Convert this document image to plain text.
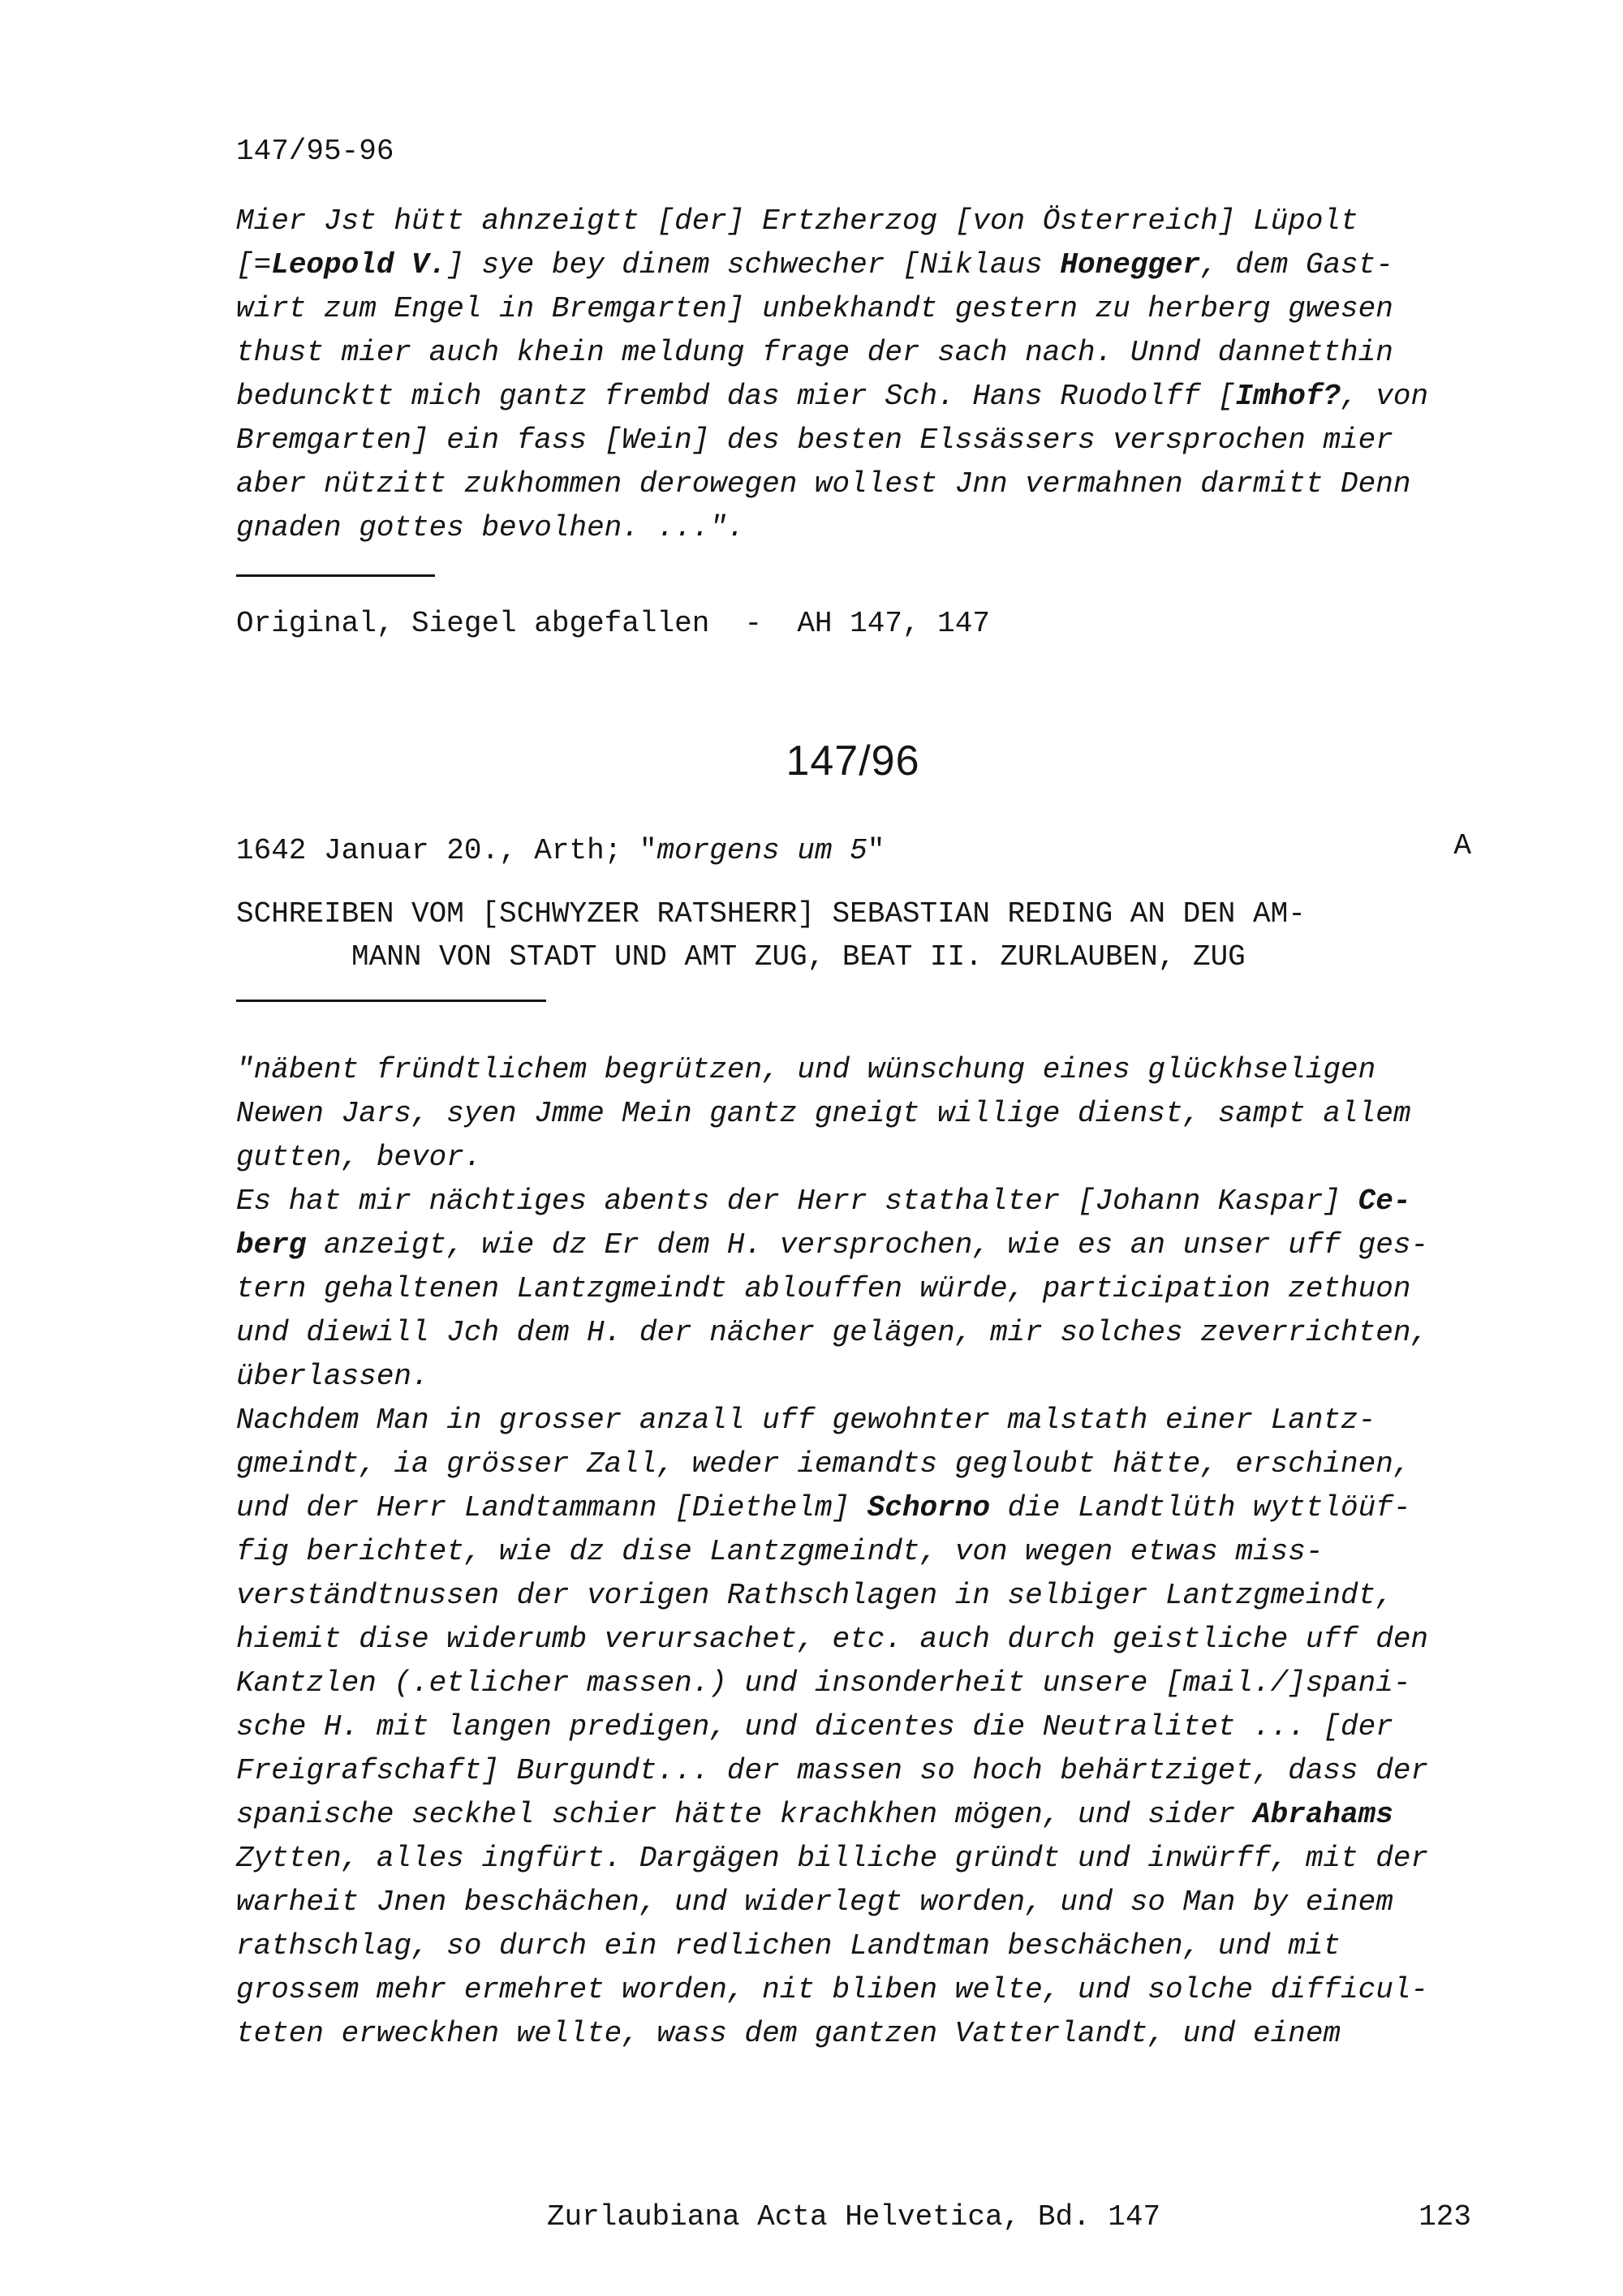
147/95-96
Mier Jst hütt ahnzeigtt [der] Ertzherzog [von Österreich] Lüpolt
[=Leopold V.] sye bey dinem schwecher [Niklaus Honegger, dem Gast-
wirt zum Engel in Bremgarten] unbekhandt gestern zu herberg gwesen
thust mier auch khein meldung frage der sach nach. Unnd dannetthin
beduncktt mich gantz frembd das mier Sch. Hans Ruodolff [Imhof?, von
Bremgarten] ein fass [Wein] des besten Elssässers versprochen mier
aber nützitt zukhommen derowegen wollest Jnn vermahnen darmitt Denn
gnaden gottes bevolhen. ...".
Original, Siegel abgefallen  -  AH 147, 147
147/96
1642 Januar 20., Arth; "morgens um 5"	A
SCHREIBEN VOM [SCHWYZER RATSHERR] SEBASTIAN REDING AN DEN AM-
MANN VON STADT UND AMT ZUG, BEAT II. ZURLAUBEN, ZUG
"näbent fründtlichem begrützen, und wünschung eines glückhseligen
Newen Jars, syen Jmme Mein gantz gneigt willige dienst, sampt allem
gutten, bevor.
Es hat mir nächtiges abents der Herr stathalter [Johann Kaspar] Ce-
berg anzeigt, wie dz Er dem H. versprochen, wie es an unser uff ges-
tern gehaltenen Lantzgmeindt ablouffen würde, participation zethuon
und diewill Jch dem H. der nächer gelägen, mir solches zeverrichten,
überlassen.
Nachdem Man in grosser anzall uff gewohnter malstath einer Lantz-
gmeindt, ia grösser Zall, weder iemandts gegloubt hätte, erschinen,
und der Herr Landtammann [Diethelm] Schorno die Landtlüth wyttlöüf-
fig berichtet, wie dz dise Lantzgmeindt, von wegen etwas miss-
verständtnussen der vorigen Rathschlagen in selbiger Lantzgmeindt,
hiemit dise widerumb verursachet, etc. auch durch geistliche uff den
Kantzlen (.etlicher massen.) und insonderheit unsere [mail./]spani-
sche H. mit langen predigen, und dicentes die Neutralitet ... [der
Freigrafschaft] Burgundt... der massen so hoch behärtziget, dass der
spanische seckhel schier hätte krachkhen mögen, und sider Abrahams
Zytten, alles ingfürt. Dargägen billiche gründt und inwürff, mit der
warheit Jnen beschächen, und widerlegt worden, und so Man by einem
rathschlag, so durch ein redlichen Landtman beschächen, und mit
grossem mehr ermehret worden, nit bliben welte, und solche difficul-
teten erweckhen wellte, wass dem gantzen Vatterlandt, und einem
Zurlaubiana Acta Helvetica, Bd. 147	123
